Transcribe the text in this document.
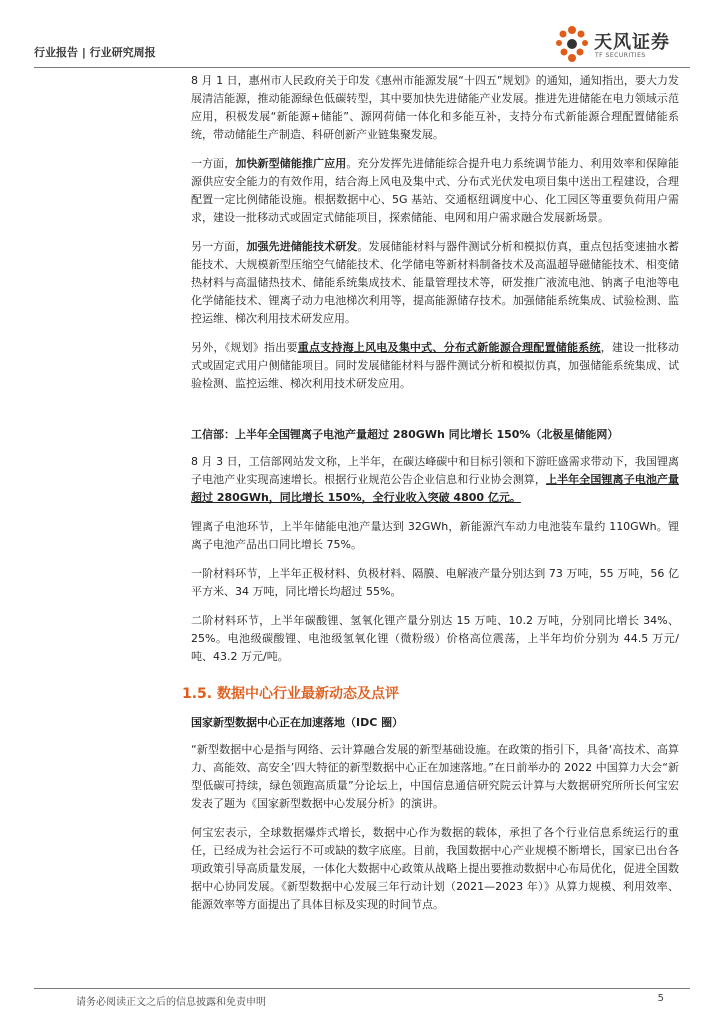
行业报告 | 行业研究周报	天风证券
TF SECURITIES

8 月 1 日，惠州市人民政府关于印发《惠州市能源发展“十四五”规划》的通知，通知指出，要大力发展清洁能源，推动能源绿色低碳转型，其中要加快先进储能产业发展。推进先进储能在电力领域示范应用，积极发展“新能源+储能”、源网荷储一体化和多能互补，支持分布式新能源合理配置储能系统，带动储能生产制造、科研创新产业链集聚发展。

一方面，加快新型储能推广应用。充分发挥先进储能综合提升电力系统调节能力、利用效率和保障能源供应安全能力的有效作用，结合海上风电及集中式、分布式光伏发电项目集中送出工程建设，合理配置一定比例储能设施。根据数据中心、5G 基站、交通枢纽调度中心、化工园区等重要负荷用户需求，建设一批移动式或固定式储能项目，探索储能、电网和用户需求融合发展新场景。

另一方面，加强先进储能技术研发。发展储能材料与器件测试分析和模拟仿真，重点包括变速抽水蓄能技术、大规模新型压缩空气储能技术、化学储电等新材料制备技术及高温超导磁储能技术、相变储热材料与高温储热技术、储能系统集成技术、能量管理技术等，研发推广液流电池、钠离子电池等电化学储能技术、锂离子动力电池梯次利用等，提高能源储存技术。加强储能系统集成、试验检测、监控运维、梯次利用技术研发应用。

另外，《规划》指出要重点支持海上风电及集中式、分布式新能源合理配置储能系统，建设一批移动式或固定式用户侧储能项目。同时发展储能材料与器件测试分析和模拟仿真，加强储能系统集成、试验检测、监控运维、梯次利用技术研发应用。

工信部：上半年全国锂离子电池产量超过 280GWh 同比增长 150%（北极星储能网）

8 月 3 日，工信部网站发文称，上半年，在碳达峰碳中和目标引领和下游旺盛需求带动下，我国锂离子电池产业实现高速增长。根据行业规范公告企业信息和行业协会测算，上半年全国锂离子电池产量超过 280GWh，同比增长 150%，全行业收入突破 4800 亿元。

锂离子电池环节，上半年储能电池产量达到 32GWh，新能源汽车动力电池装车量约 110GWh。锂离子电池产品出口同比增长 75%。

一阶材料环节，上半年正极材料、负极材料、隔膜、电解液产量分别达到 73 万吨，55 万吨，56 亿平方米、34 万吨，同比增长均超过 55%。

二阶材料环节，上半年碳酸锂、氢氧化锂产量分别达 15 万吨、10.2 万吨，分别同比增长 34%、25%。电池级碳酸锂、电池级氢氧化锂（微粉级）价格高位震荡，上半年均价分别为 44.5 万元/吨、43.2 万元/吨。

1.5. 数据中心行业最新动态及点评

国家新型数据中心正在加速落地（IDC 圈）

“新型数据中心是指与网络、云计算融合发展的新型基础设施。在政策的指引下，具备‘高技术、高算力、高能效、高安全’四大特征的新型数据中心正在加速落地。”在日前举办的 2022 中国算力大会“新型低碳可持续，绿色领跑高质量”分论坛上，中国信息通信研究院云计算与大数据研究所所长何宝宏发表了题为《国家新型数据中心发展分析》的演讲。

何宝宏表示，全球数据爆炸式增长，数据中心作为数据的载体，承担了各个行业信息系统运行的重任，已经成为社会运行不可或缺的数字底座。目前，我国数据中心产业规模不断增长，国家已出台各项政策引导高质量发展，一体化大数据中心政策从战略上提出要推动数据中心布局优化，促进全国数据中心协同发展。《新型数据中心发展三年行动计划（2021—2023 年）》从算力规模、利用效率、能源效率等方面提出了具体目标及实现的时间节点。

请务必阅读正文之后的信息披露和免责申明	5
